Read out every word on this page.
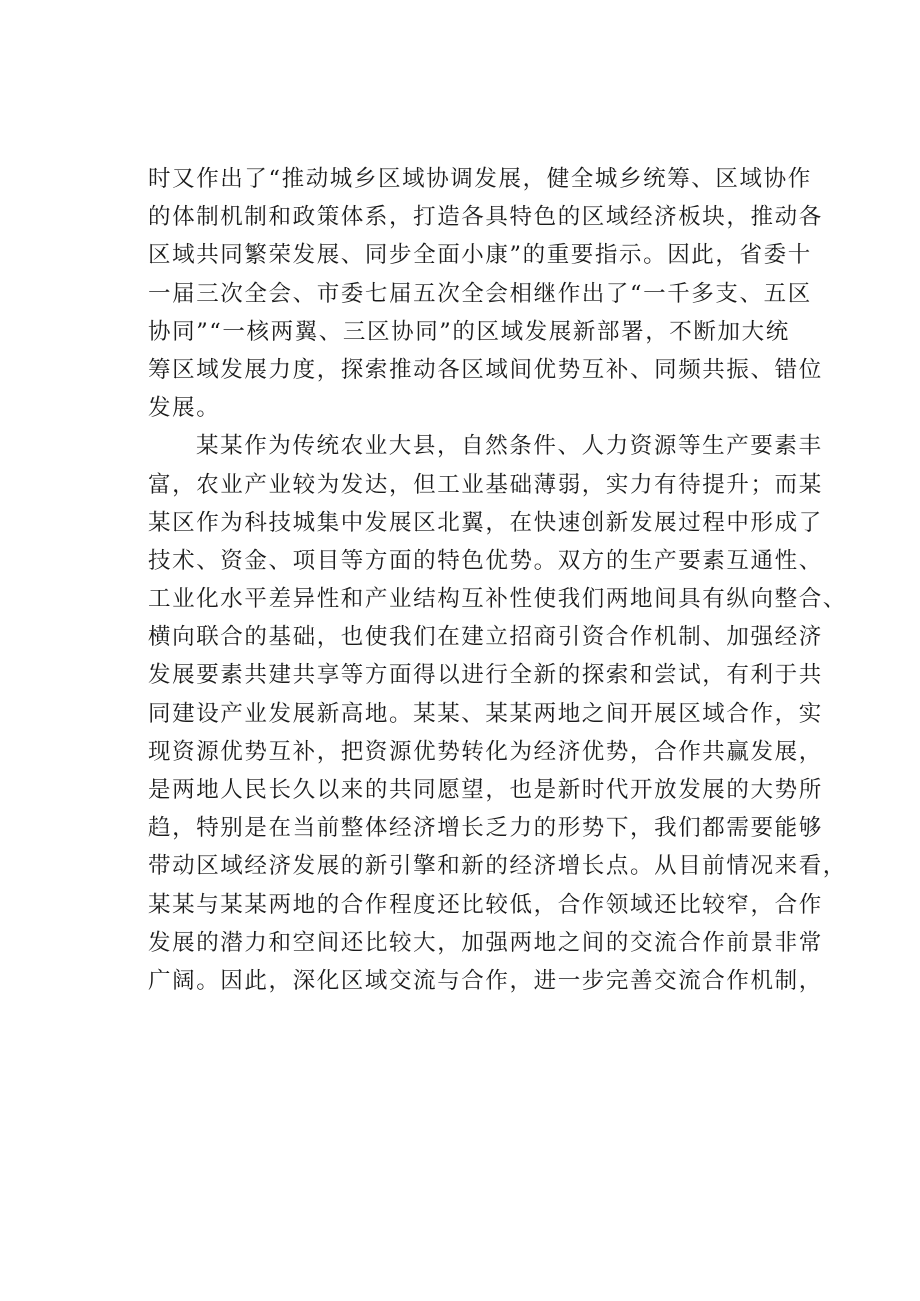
时又作出了“推动城乡区域协调发展，健全城乡统筹、区域协作
的体制机制和政策体系，打造各具特色的区域经济板块，推动各
区域共同繁荣发展、同步全面小康”的重要指示。因此，省委十
一届三次全会、市委七届五次全会相继作出了“一千多支、五区
协同”“一核两翼、三区协同”的区域发展新部署，不断加大统
筹区域发展力度，探索推动各区域间优势互补、同频共振、错位
发展。
某某作为传统农业大县，自然条件、人力资源等生产要素丰
富，农业产业较为发达，但工业基础薄弱，实力有待提升；而某
某区作为科技城集中发展区北翼，在快速创新发展过程中形成了
技术、资金、项目等方面的特色优势。双方的生产要素互通性、
工业化水平差异性和产业结构互补性使我们两地间具有纵向整合、
横向联合的基础，也使我们在建立招商引资合作机制、加强经济
发展要素共建共享等方面得以进行全新的探索和尝试，有利于共
同建设产业发展新高地。某某、某某两地之间开展区域合作，实
现资源优势互补，把资源优势转化为经济优势，合作共赢发展，
是两地人民长久以来的共同愿望，也是新时代开放发展的大势所
趋，特别是在当前整体经济增长乏力的形势下，我们都需要能够
带动区域经济发展的新引擎和新的经济增长点。从目前情况来看，
某某与某某两地的合作程度还比较低，合作领域还比较窄，合作
发展的潜力和空间还比较大，加强两地之间的交流合作前景非常
广阔。因此，深化区域交流与合作，进一步完善交流合作机制，
